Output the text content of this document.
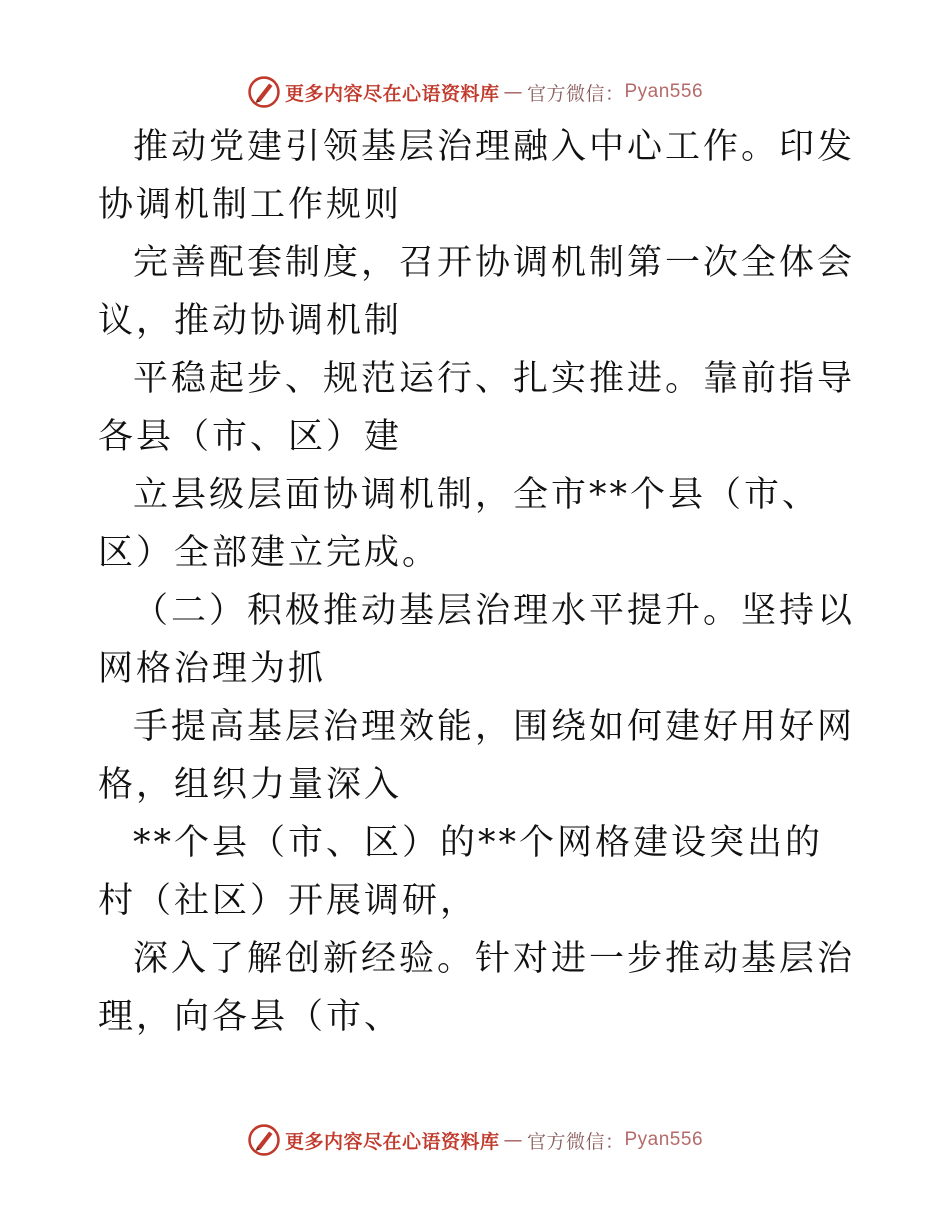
更多内容尽在心语资料库 — 官方微信： Pyan556

推动党建引领基层治理融入中心工作。印发协调机制工作规则

完善配套制度，召开协调机制第一次全体会议，推动协调机制

平稳起步、规范运行、扎实推进。靠前指导各县（市、区）建

立县级层面协调机制，全市**个县（市、区）全部建立完成。

（二）积极推动基层治理水平提升。坚持以网格治理为抓

手提高基层治理效能，围绕如何建好用好网格，组织力量深入

**个县（市、区）的**个网格建设突出的村（社区）开展调研，

深入了解创新经验。针对进一步推动基层治理，向各县（市、

更多内容尽在心语资料库 — 官方微信： Pyan556
